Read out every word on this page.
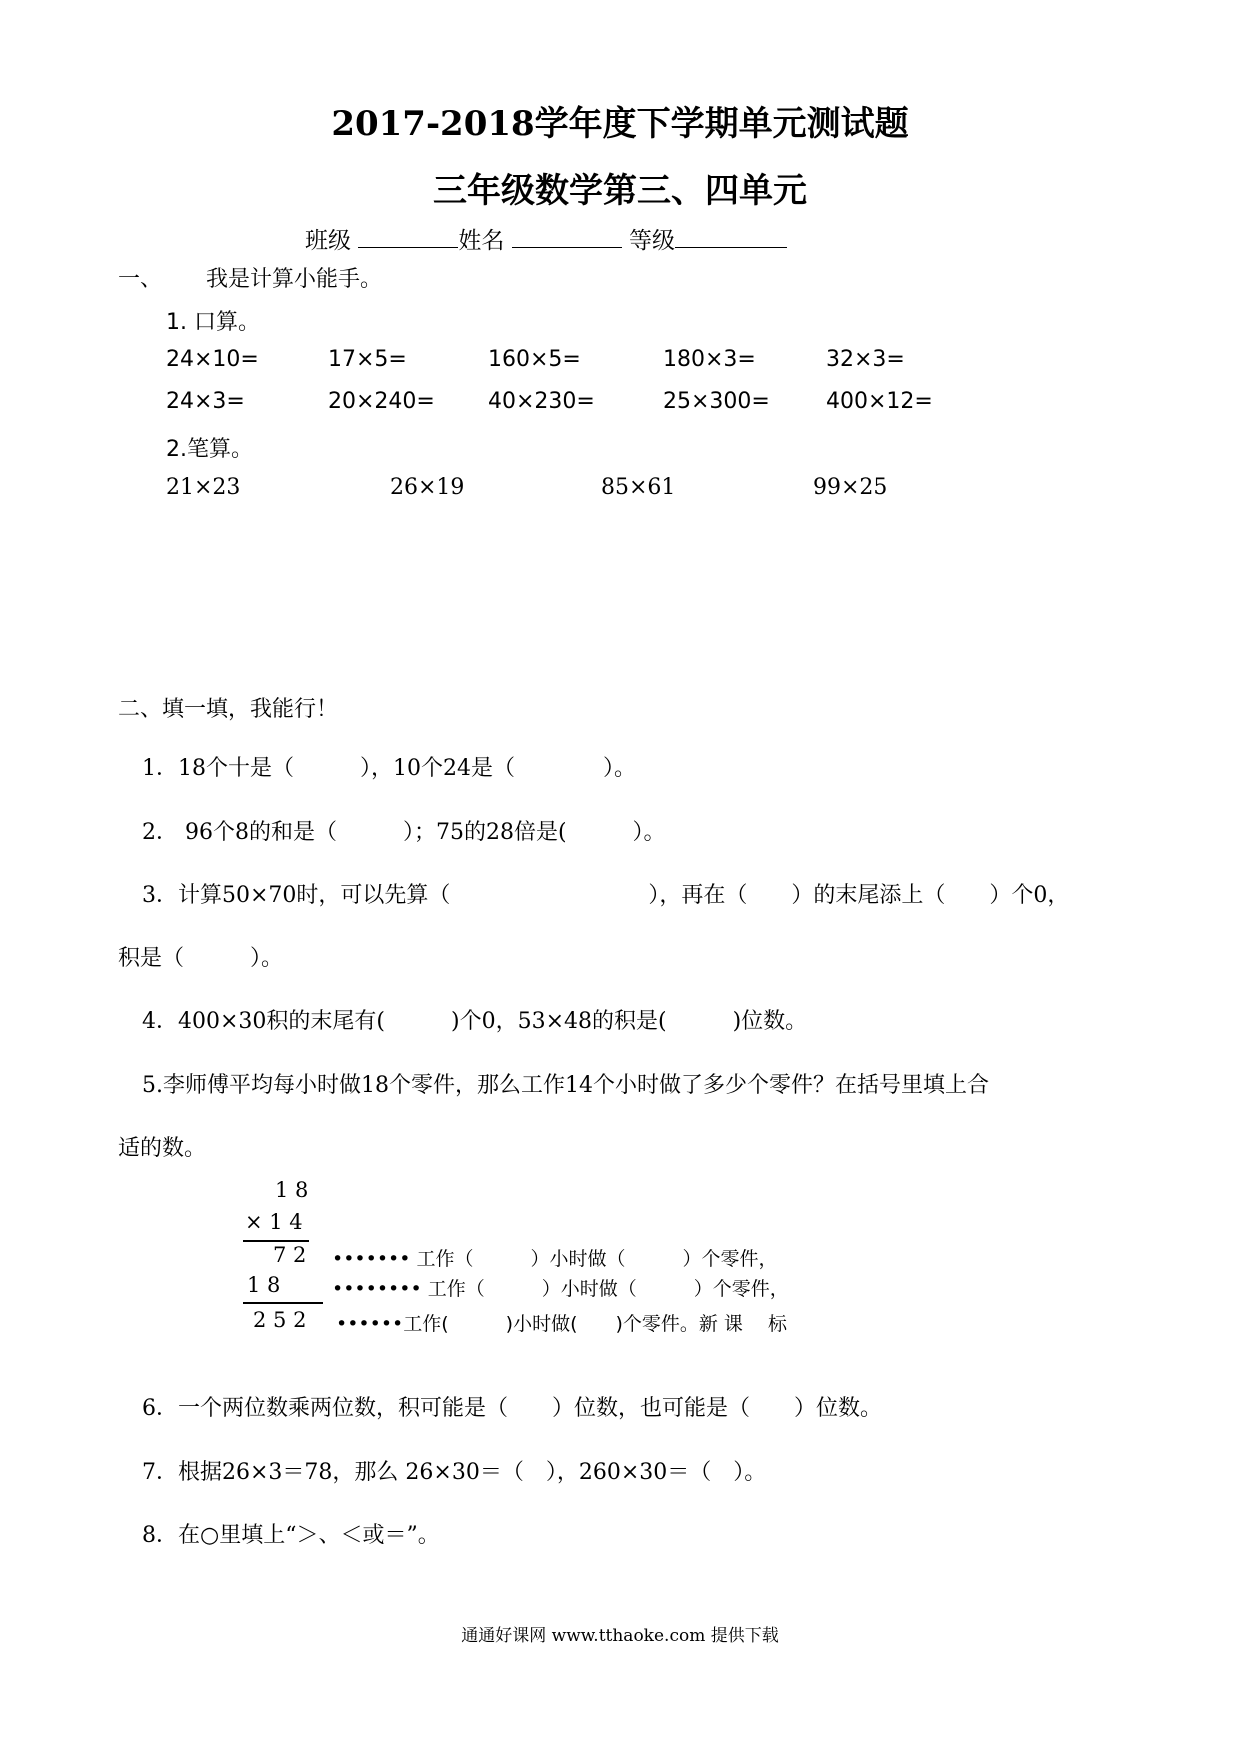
2017-2018学年度下学期单元测试题
三年级数学第三、四单元
班级	姓名	等级
一、 我是计算小能手。
1. 口算。
24×10=	17×5=	160×5=	180×3=	32×3=
24×3=	20×240= 40×230=	25×300=	400×12=
2.笔算。
21×23	26×19	85×61	99×25
二、填一填，我能行！
1．18个十是（　　　），10个24是（　　　　）。
2． 96个8的和是（　　　）；75的28倍是(　　　）。
3．计算50×70时，可以先算（　　　　　　　　　），再在（　　）的末尾添上（　　）个0，
积是（　　　）。
4．400×30积的末尾有(　　　)个0，53×48的积是(　　　)位数。
5.李师傅平均每小时做18个零件，那么工作14个小时做了多少个零件？在括号里填上合
适的数。
1 8
× 1 4
7 2 ••••••• 工作（　　　）小时做（　　　）个零件，
1 8	•••••••• 工作（　　　）小时做（　　　）个零件，
2 5 2 ••••••工作(　　　)小时做(　　)个零件。新 课　 标
6．一个两位数乘两位数，积可能是（　　）位数，也可能是（　　）位数。
7．根据26×3＝78，那么 26×30＝（　），260×30＝（　）。
8．在○里填上“＞、＜或＝”。
通通好课网 www.tthaoke.com 提供下载
